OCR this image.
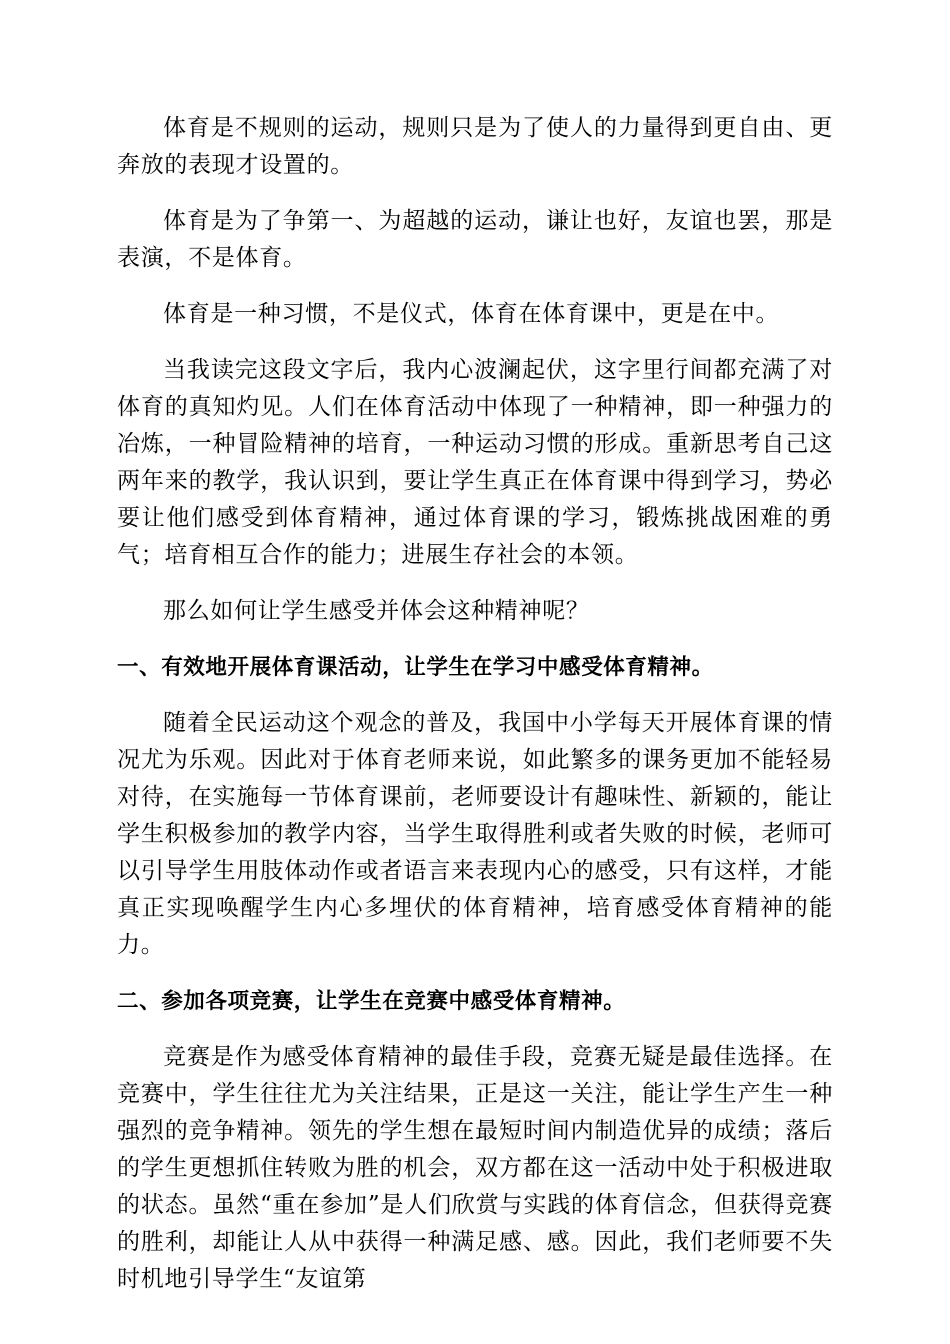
体育是不规则的运动，规则只是为了使人的力量得到更自由、更奔放的表现才设置的。

体育是为了争第一、为超越的运动，谦让也好，友谊也罢，那是表演，不是体育。

体育是一种习惯，不是仪式，体育在体育课中，更是在中。

当我读完这段文字后，我内心波澜起伏，这字里行间都充满了对体育的真知灼见。人们在体育活动中体现了一种精神，即一种强力的冶炼，一种冒险精神的培育，一种运动习惯的形成。重新思考自己这两年来的教学，我认识到，要让学生真正在体育课中得到学习，势必要让他们感受到体育精神，通过体育课的学习，锻炼挑战困难的勇气；培育相互合作的能力；进展生存社会的本领。

那么如何让学生感受并体会这种精神呢？

一、有效地开展体育课活动，让学生在学习中感受体育精神。

随着全民运动这个观念的普及，我国中小学每天开展体育课的情况尤为乐观。因此对于体育老师来说，如此繁多的课务更加不能轻易对待，在实施每一节体育课前，老师要设计有趣味性、新颖的，能让学生积极参加的教学内容，当学生取得胜利或者失败的时候，老师可以引导学生用肢体动作或者语言来表现内心的感受，只有这样，才能真正实现唤醒学生内心多埋伏的体育精神，培育感受体育精神的能力。

二、参加各项竞赛，让学生在竞赛中感受体育精神。

竞赛是作为感受体育精神的最佳手段，竞赛无疑是最佳选择。在竞赛中，学生往往尤为关注结果，正是这一关注，能让学生产生一种强烈的竞争精神。领先的学生想在最短时间内制造优异的成绩；落后的学生更想抓住转败为胜的机会，双方都在这一活动中处于积极进取的状态。虽然“重在参加”是人们欣赏与实践的体育信念，但获得竞赛的胜利，却能让人从中获得一种满足感、感。因此，我们老师要不失时机地引导学生“友谊第
